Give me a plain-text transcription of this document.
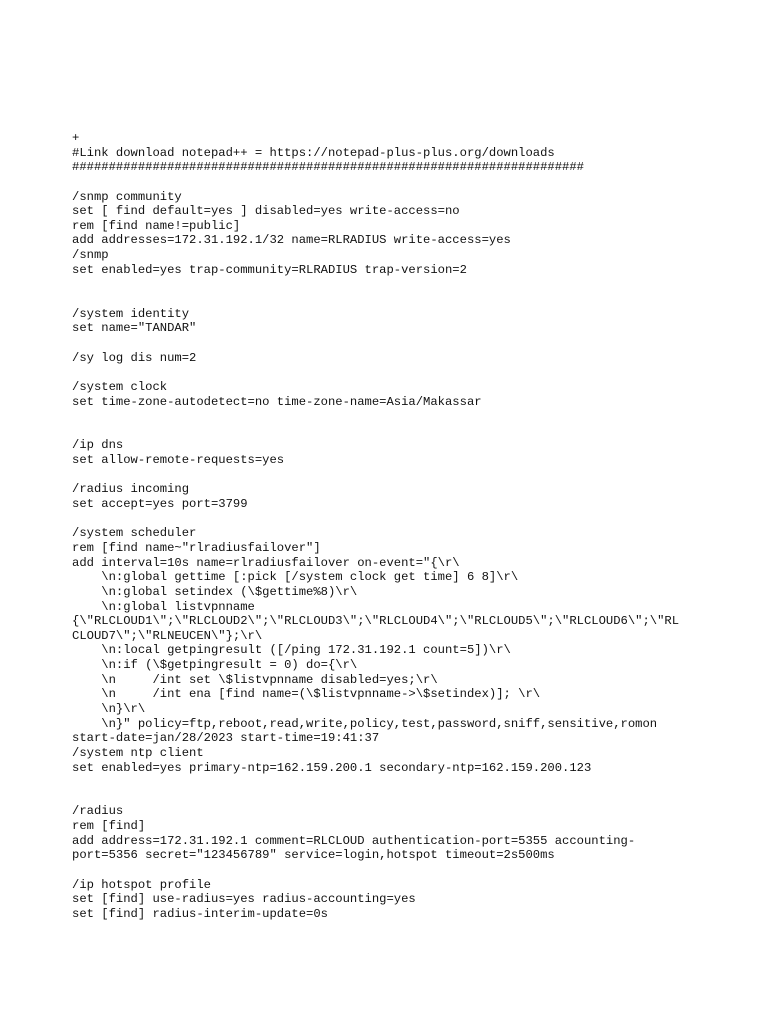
+
#Link download notepad++ = https://notepad-plus-plus.org/downloads
######################################################################
/snmp community
set [ find default=yes ] disabled=yes write-access=no
rem [find name!=public]
add addresses=172.31.192.1/32 name=RLRADIUS write-access=yes
/snmp
set enabled=yes trap-community=RLRADIUS trap-version=2
/system identity
set name="TANDAR"
/sy log dis num=2
/system clock
set time-zone-autodetect=no time-zone-name=Asia/Makassar
/ip dns
set allow-remote-requests=yes
/radius incoming
set accept=yes port=3799
/system scheduler
rem [find name~"rlradiusfailover"]
add interval=10s name=rlradiusfailover on-event="{\r\
\n:global gettime [:pick [/system clock get time] 6 8]\r\
\n:global setindex (\$gettime%8)\r\
\n:global listvpnname
{\"RLCLOUD1\";\"RLCLOUD2\";\"RLCLOUD3\";\"RLCLOUD4\";\"RLCLOUD5\";\"RLCLOUD6\";\"RL
CLOUD7\";\"RLNEUCEN\"};\r\
\n:local getpingresult ([/ping 172.31.192.1 count=5])\r\
\n:if (\$getpingresult = 0) do={\r\
\n     /int set \$listvpnname disabled=yes;\r\
\n     /int ena [find name=(\$listvpnname->\$setindex)]; \r\
\n}\r\
\n}" policy=ftp,reboot,read,write,policy,test,password,sniff,sensitive,romon
start-date=jan/28/2023 start-time=19:41:37
/system ntp client
set enabled=yes primary-ntp=162.159.200.1 secondary-ntp=162.159.200.123
/radius
rem [find]
add address=172.31.192.1 comment=RLCLOUD authentication-port=5355 accounting-
port=5356 secret="123456789" service=login,hotspot timeout=2s500ms
/ip hotspot profile
set [find] use-radius=yes radius-accounting=yes
set [find] radius-interim-update=0s
